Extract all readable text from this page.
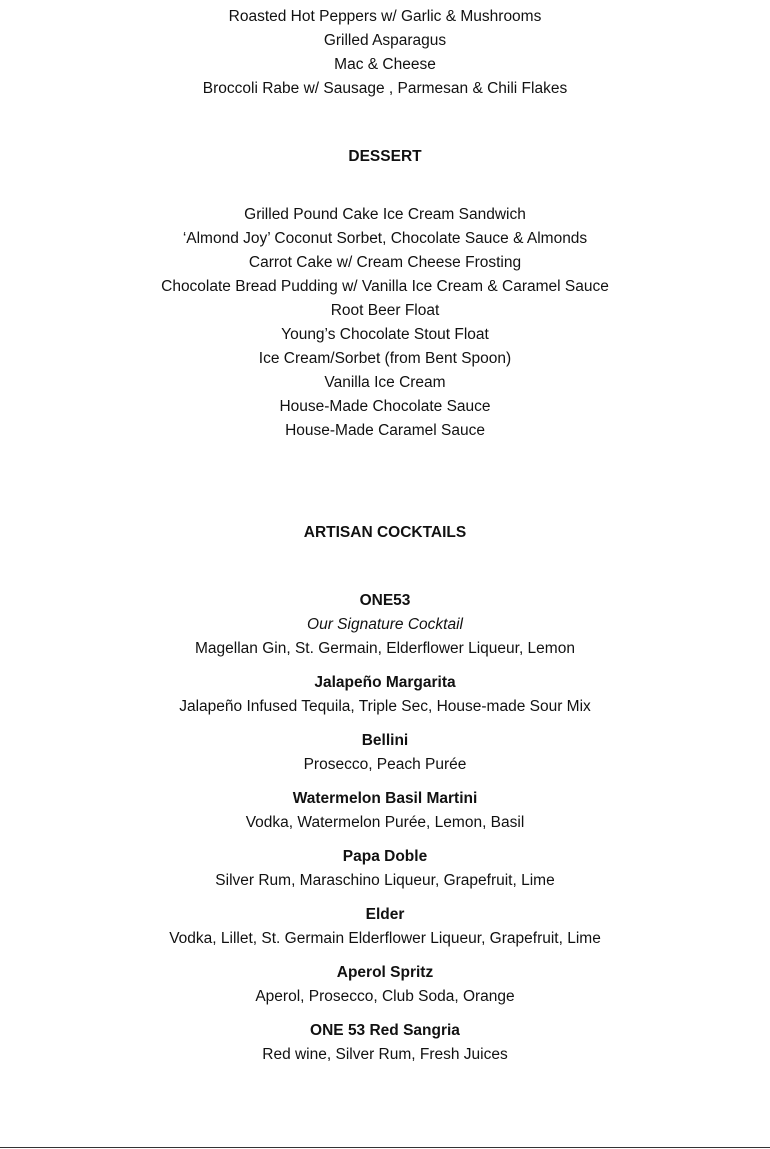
Roasted Hot Peppers w/ Garlic & Mushrooms
Grilled Asparagus
Mac & Cheese
Broccoli Rabe w/ Sausage , Parmesan & Chili Flakes
DESSERT
Grilled Pound Cake Ice Cream Sandwich
‘Almond Joy’ Coconut Sorbet, Chocolate Sauce & Almonds
Carrot Cake w/ Cream Cheese Frosting
Chocolate Bread Pudding w/ Vanilla Ice Cream & Caramel Sauce
Root Beer Float
Young’s Chocolate Stout Float
Ice Cream/Sorbet (from Bent Spoon)
Vanilla Ice Cream
House-Made Chocolate Sauce
House-Made Caramel Sauce
ARTISAN COCKTAILS
ONE53
Our Signature Cocktail
Magellan Gin, St. Germain, Elderflower Liqueur, Lemon
Jalapeño Margarita
Jalapeño Infused Tequila, Triple Sec, House-made Sour Mix
Bellini
Prosecco, Peach Purée
Watermelon Basil Martini
Vodka, Watermelon Purée, Lemon, Basil
Papa Doble
Silver Rum, Maraschino Liqueur, Grapefruit, Lime
Elder
Vodka, Lillet, St. Germain Elderflower Liqueur, Grapefruit, Lime
Aperol Spritz
Aperol, Prosecco, Club Soda, Orange
ONE 53 Red Sangria
Red wine, Silver Rum, Fresh Juices
